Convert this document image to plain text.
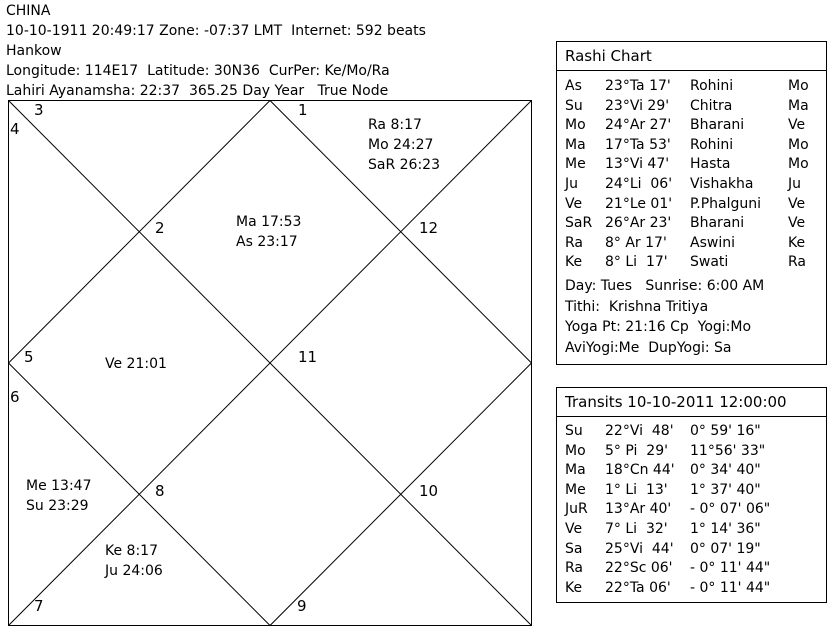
CHINA
10-10-1911 20:49:17 Zone: -07:37 LMT  Internet: 592 beats
Hankow
Longitude: 114E17  Latitude: 30N36  CurPer: Ke/Mo/Ra
Lahiri Ayanamsha: 22:37  365.25 Day Year   True Node
1
2
3
4
5
6
7
8
9
10
11
12
Ra 8:17
Mo 24:27
SaR 26:23
Ma 17:53
As 23:17
Ve 21:01
Me 13:47
Su 23:29
Ke 8:17
Ju 24:06
Rashi Chart
As 23°Ta 17' Rohini	Mo
Su 23°Vi 29' Chitra	Ma
Mo 24°Ar 27' Bharani	Ve
Ma 17°Ta 53' Rohini	Mo
Me 13°Vi 47' Hasta	Mo
Ju 24°Li  06' Vishakha Ju
Ve 21°Le 01' P.Phalguni Ve
SaR 26°Ar 23' Bharani	Ve
Ra 8° Ar 17' Aswini	Ke
Ke 8° Li  17' Swati	Ra
Day: Tues   Sunrise: 6:00 AM
Tithi:  Krishna Tritiya
Yoga Pt: 21:16 Cp  Yogi:Mo
AviYogi:Me  DupYogi: Sa
Transits 10-10-2011 12:00:00
Su 22°Vi  48' 0° 59' 16"
Mo 5° Pi  29' 11°56' 33"
Ma 18°Cn 44' 0° 34' 40"
Me 1° Li  13' 1° 37' 40"
JuR 13°Ar 40' - 0° 07' 06"
Ve 7° Li  32' 1° 14' 36"
Sa 25°Vi  44' 0° 07' 19"
Ra 22°Sc 06' - 0° 11' 44"
Ke 22°Ta 06' - 0° 11' 44"
